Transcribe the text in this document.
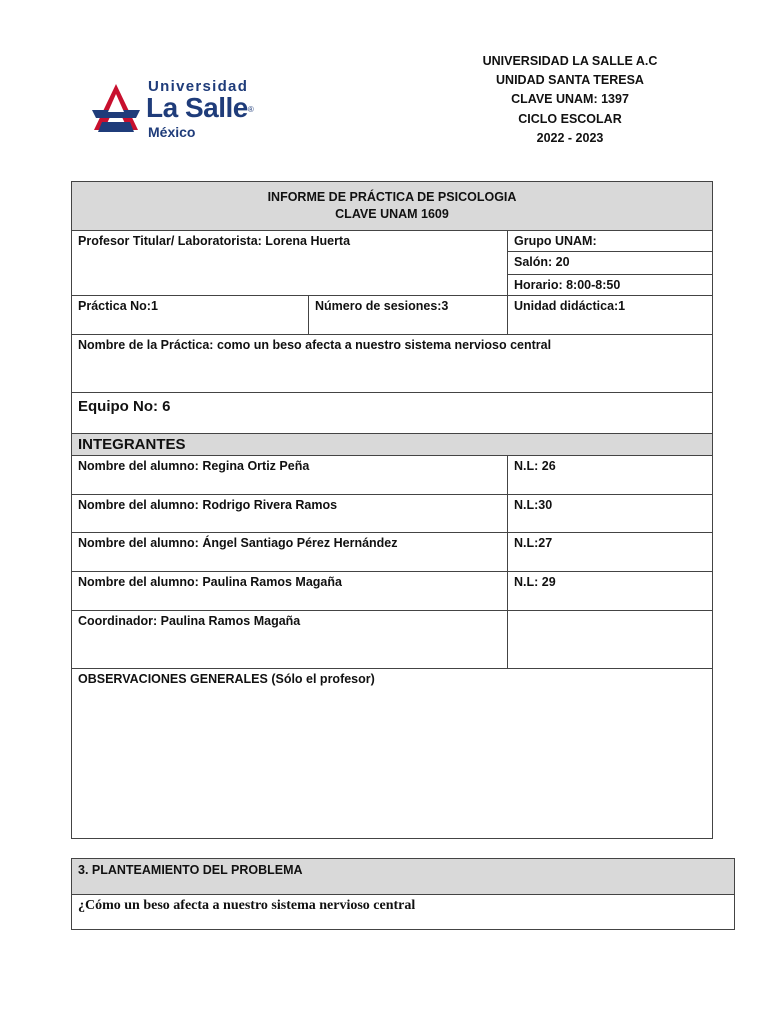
Universidad
La Salle®
México
UNIVERSIDAD LA SALLE A.C
UNIDAD SANTA TERESA
CLAVE UNAM: 1397
CICLO ESCOLAR
2022 - 2023
INFORME DE PRÁCTICA DE PSICOLOGIA
CLAVE UNAM 1609
Profesor Titular/ Laboratorista: Lorena Huerta	Grupo UNAM:
Salón: 20
Horario: 8:00-8:50
Práctica No:1	Número de sesiones:3	Unidad didáctica:1
Nombre de la Práctica: como un beso afecta a nuestro sistema nervioso central
Equipo No: 6
INTEGRANTES
Nombre del alumno: Regina Ortiz Peña	N.L: 26
Nombre del alumno: Rodrigo Rivera Ramos	N.L:30
Nombre del alumno: Ángel Santiago Pérez Hernández	N.L:27
Nombre del alumno: Paulina Ramos Magaña	N.L: 29
Coordinador: Paulina Ramos Magaña
OBSERVACIONES GENERALES (Sólo el profesor)
3. PLANTEAMIENTO DEL PROBLEMA
¿Cómo un beso afecta a nuestro sistema nervioso central
